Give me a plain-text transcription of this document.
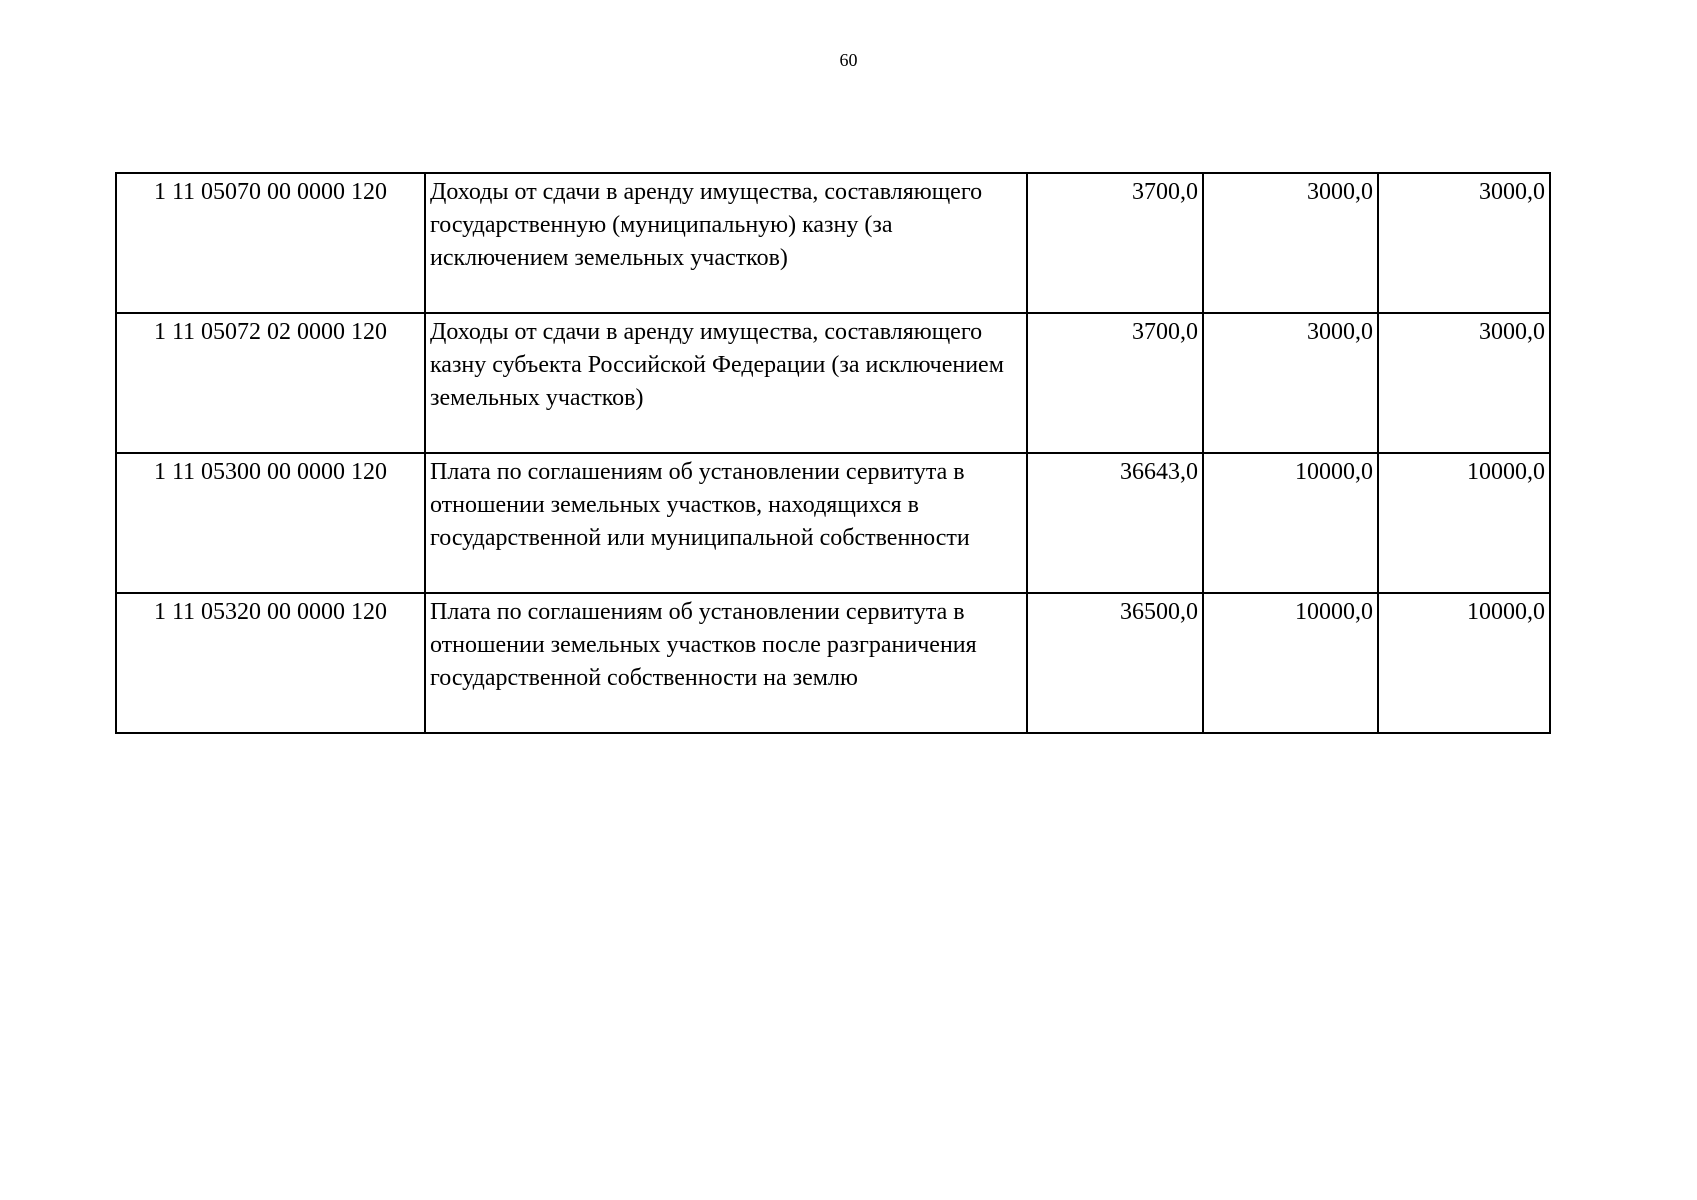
60
1 11 05070 00 0000 120	Доходы от сдачи в аренду имущества, составляющего государственную (муниципальную) казну (за исключением земельных участков)	3700,0	3000,0	3000,0
1 11 05072 02 0000 120	Доходы от сдачи в аренду имущества, составляющего казну субъекта Российской Федерации (за исключением земельных участков)	3700,0	3000,0	3000,0
1 11 05300 00 0000 120	Плата по соглашениям об установлении сервитута в отношении земельных участков, находящихся в государственной или муниципальной собственности	36643,0	10000,0	10000,0
1 11 05320 00 0000 120	Плата по соглашениям об установлении сервитута в отношении земельных участков после разграничения государственной собственности на землю	36500,0	10000,0	10000,0
